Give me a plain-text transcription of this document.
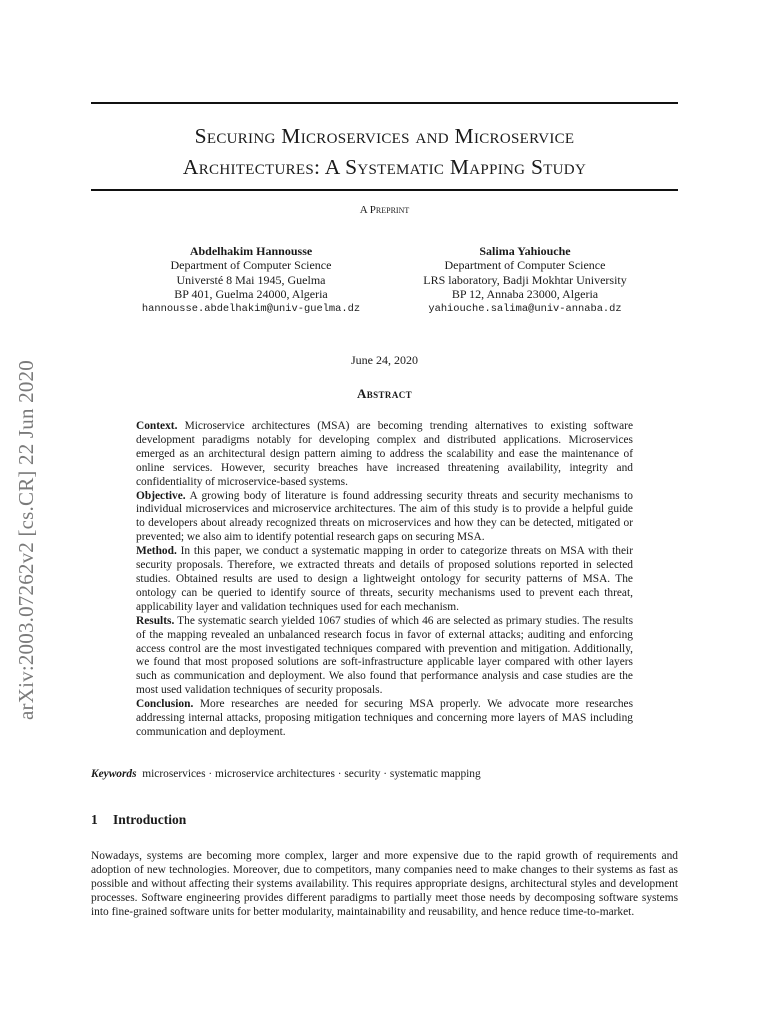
arXiv:2003.07262v2 [cs.CR] 22 Jun 2020
Securing Microservices and Microservice
Architectures: A Systematic Mapping Study
A Preprint
Abdelhakim Hannousse
Department of Computer Science
Universté 8 Mai 1945, Guelma
BP 401, Guelma 24000, Algeria
hannousse.abdelhakim@univ-guelma.dz
Salima Yahiouche
Department of Computer Science
LRS laboratory, Badji Mokhtar University
BP 12, Annaba 23000, Algeria
yahiouche.salima@univ-annaba.dz
June 24, 2020
Abstract

Context. Microservice architectures (MSA) are becoming trending alternatives to existing software development paradigms notably for developing complex and distributed applications. Microservices emerged as an architectural design pattern aiming to address the scalability and ease the maintenance of online services. However, security breaches have increased threatening availability, integrity and confidentiality of microservice-based systems.

Objective. A growing body of literature is found addressing security threats and security mechanisms to individual microservices and microservice architectures. The aim of this study is to provide a helpful guide to developers about already recognized threats on microservices and how they can be detected, mitigated or prevented; we also aim to identify potential research gaps on securing MSA.

Method. In this paper, we conduct a systematic mapping in order to categorize threats on MSA with their security proposals. Therefore, we extracted threats and details of proposed solutions reported in selected studies. Obtained results are used to design a lightweight ontology for security patterns of MSA. The ontology can be queried to identify source of threats, security mechanisms used to prevent each threat, applicability layer and validation techniques used for each mechanism.

Results. The systematic search yielded 1067 studies of which 46 are selected as primary studies. The results of the mapping revealed an unbalanced research focus in favor of external attacks; auditing and enforcing access control are the most investigated techniques compared with prevention and mitigation. Additionally, we found that most proposed solutions are soft-infrastructure applicable layer compared with other layers such as communication and deployment. We also found that performance analysis and case studies are the most used validation techniques of security proposals.

Conclusion. More researches are needed for securing MSA properly. We advocate more researches addressing internal attacks, proposing mitigation techniques and concerning more layers of MAS including communication and deployment.

Keywords microservices · microservice architectures · security · systematic mapping
1 Introduction

Nowadays, systems are becoming more complex, larger and more expensive due to the rapid growth of requirements and adoption of new technologies. Moreover, due to competitors, many companies need to make changes to their systems as fast as possible and without affecting their systems availability. This requires appropriate designs, architectural styles and development processes. Software engineering provides different paradigms to partially meet those needs by decomposing software systems into fine-grained software units for better modularity, maintainability and reusability, and hence reduce time-to-market.
